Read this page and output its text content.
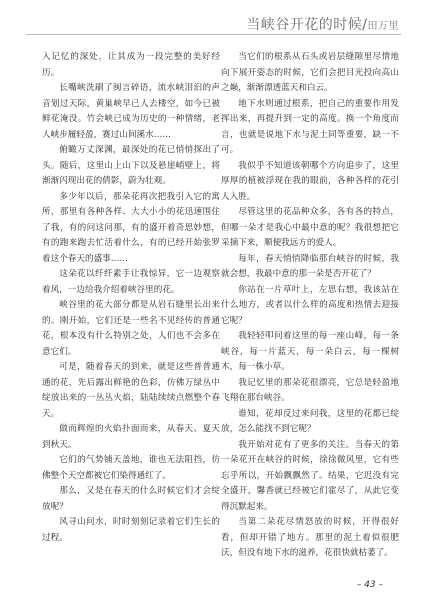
当峡谷开花的时候/田万里

入记忆的深处，让其成为一段完整的美好经历。

长嘴峡洗刷了闽言碎语，流水峡泪汩的声音划过天际，黄巢峡早已人去楼空，如今已被鲜花淹没。竹会峡已成为历史的一种情绪，老人峡步履轻盈，赛过山间溪水……

俯瞰万丈深渊，最深处的花已悄悄探出了头。随后，这里山上山下以及悬崖峭壁上，将渐渐闪现出花的倩影，蔚为壮观。

多少年以后，那朵花再次把我引入它的寓所，那里有各种各样、大大小小的花迅速围住了我，有的问这问那，有的盛开着奇思妙想，有的跑来跑去忙活着什么，有的已经开始张罗着这个春天的盛事……

这朵花以纤纤素手让我惊异，它一边观察着风，一边给我介绍着峡谷里的花。

峡谷里的花大部分都是从岩石缝里长出来的。刚开始，它们还是一些名不见经传的普通花，根本没有什么特别之处，人们也不会多在意它们。

可是，随着春天的到来，就是这些普普通通的花，先后露出鲜艳的色彩，仿佛万绿丛中绽放出来的一丛丛火焰，陆陆续续点燃整个春天。

做而辉煌的火焰扑面而来，从春天、夏天到秋天。

它们的气势铺天盖地，谁也无法阻挡，仿佛整个天空都被它们染得通红了。

那么，又是在春天的什么时候它们才会绽放呢？

风寻山问水，时时刻刻记录着它们生长的过程。

当它们的根系从石头或岩层缝隙里尽情地向下展开姿态的时候，它们会把目光投向高山之巅，渐渐漂透蓝天和白云。

地下水则通过根系，把自己的重要作用发挥出来，再提升到一定的高度。换一个角度而言，也就是说地下水与泥土同等重要，缺一不可。

我似乎不知道该朝哪个方向追步了，这里厚厚的植被浮现在我的眼前，各种各样的花引人入胜。

尽管这里的花品种众多，各有各的特点，但哪一朵才是我心中最中意的呢？我很想把它采摘下来，顺便我远方的爱人。

每年，春天悄悄降临那台峡谷的时候，我就会想，我最中意的那一朵是否开花了？

你站在一片草叶上，左思右想，我该站在什么地方，或者以什么样的高度和热情去迎接它呢？

我轻轻叩问着这里的每一座山峰，每一条峡谷，每一片蓝天，每一朵白云，每一棵树木，每一株小草。

我记忆里的那朵花很漂亮，它总是轻盈地飞翔在那台峡谷。

谁知，花却反过来问我，这里的花都已绽放，怎么能找不到它呢？

我开始对花有了更多的关注。当春天的第一朵花开在峡谷的时候，徐徐微风里，它有些忘乎所以，开始飘飘然了。结果，它迟没有完全盛开，馨香就已经被它们霍尽了，从此它变得沉默起来。

当第二朵花尽情怒放的时候，开得很好看，但却开错了地方。那里的泥土着似很肥沃，但没有地下水的滋养，花很快就枯萎了。

– 43 –
